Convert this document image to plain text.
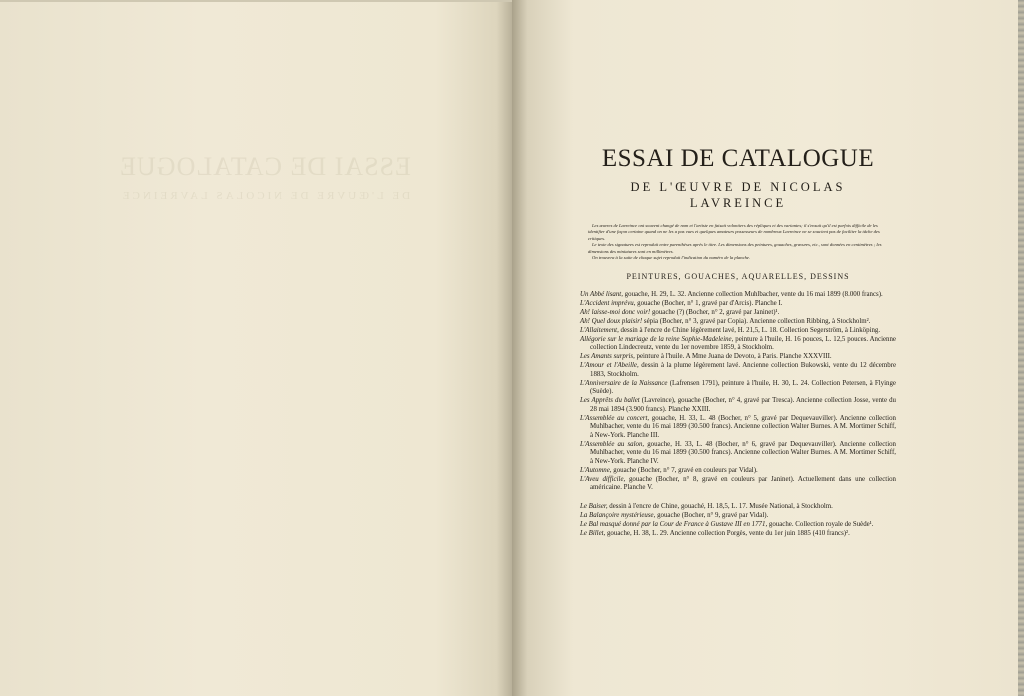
ESSAI DE CATALOGUE
DE L'ŒUVRE DE NICOLAS LAVREINCE
ESSAI DE CATALOGUE
DE L'ŒUVRE DE NICOLAS LAVREINCE

Les œuvres de Lavreince ont souvent changé de nom et l'artiste en faisait volontiers des répliques et des variantes; il s'ensuit qu'il est parfois difficile de les identifier d'une façon certaine quand on ne les a pas vues et quelques amateurs possesseurs de nombreux Lavreince ne se soucient pas de faciliter la tâche des critiques.

Le texte des signatures est reproduit entre parenthèses après le titre. Les dimensions des peintures, gouaches, gravures, etc., sont données en centimètres ; les dimensions des miniatures sont en millimètres.

On trouvera à la suite de chaque sujet reproduit l'indication du numéro de la planche.

PEINTURES, GOUACHES, AQUARELLES, DESSINS
Un Abbé lisant, gouache, H. 29, L. 32. Ancienne collection Muhlbacher, vente du 16 mai 1899 (8.000 francs).
L'Accident imprévu, gouache (Bocher, n° 1, gravé par d'Arcis). Planche I.
Ah! laisse-moi donc voir! gouache (?) (Bocher, n° 2, gravé par Janinet)¹.
Ah! Quel doux plaisir! sépia (Bocher, n° 3, gravé par Copia). Ancienne collection Ribbing, à Stockholm².
L'Allaitement, dessin à l'encre de Chine légèrement lavé, H. 21,5, L. 18. Collection Segerström, à Linköping.
Allégorie sur le mariage de la reine Sophie-Madeleine, peinture à l'huile, H. 16 pouces, L. 12,5 pouces. Ancienne collection Lindecreutz, vente du 1er novembre 1859, à Stockholm.
Les Amants surpris, peinture à l'huile. A Mme Juana de Devoto, à Paris. Planche XXXVIII.
L'Amour et l'Abeille, dessin à la plume légèrement lavé. Ancienne collection Bukowski, vente du 12 décembre 1883, Stockholm.
L'Anniversaire de la Naissance (Lafrensen 1791), peinture à l'huile, H. 30, L. 24. Collection Petersen, à Flyinge (Suède).
Les Apprêts du ballet (Lavreince), gouache (Bocher, n° 4, gravé par Tresca). Ancienne collection Josse, vente du 28 mai 1894 (3.900 francs). Planche XXIII.
L'Assemblée au concert, gouache, H. 33, L. 48 (Bocher, n° 5, gravé par Dequevauviller). Ancienne collection Muhlbacher, vente du 16 mai 1899 (30.500 francs). Ancienne collection Walter Burnes. A M. Mortimer Schiff, à New-York. Planche III.
L'Assemblée au salon, gouache, H. 33, L. 48 (Bocher, n° 6, gravé par Dequevauviller). Ancienne collection Muhlbacher, vente du 16 mai 1899 (30.500 francs). Ancienne collection Walter Burnes. A M. Mortimer Schiff, à New-York. Planche IV.
L'Automne, gouache (Bocher, n° 7, gravé en couleurs par Vidal).
L'Aveu difficile, gouache (Bocher, n° 8, gravé en couleurs par Janinet). Actuellement dans une collection américaine. Planche V.
Le Baiser, dessin à l'encre de Chine, gouaché, H. 18,5, L. 17. Musée National, à Stockholm.
La Balançoire mystérieuse, gouache (Bocher, n° 9, gravé par Vidal).
Le Bal masqué donné par la Cour de France à Gustave III en 1771, gouache. Collection royale de Suède¹.
Le Billet, gouache, H. 38, L. 29. Ancienne collection Porgès, vente du 1er juin 1885 (410 francs)².
